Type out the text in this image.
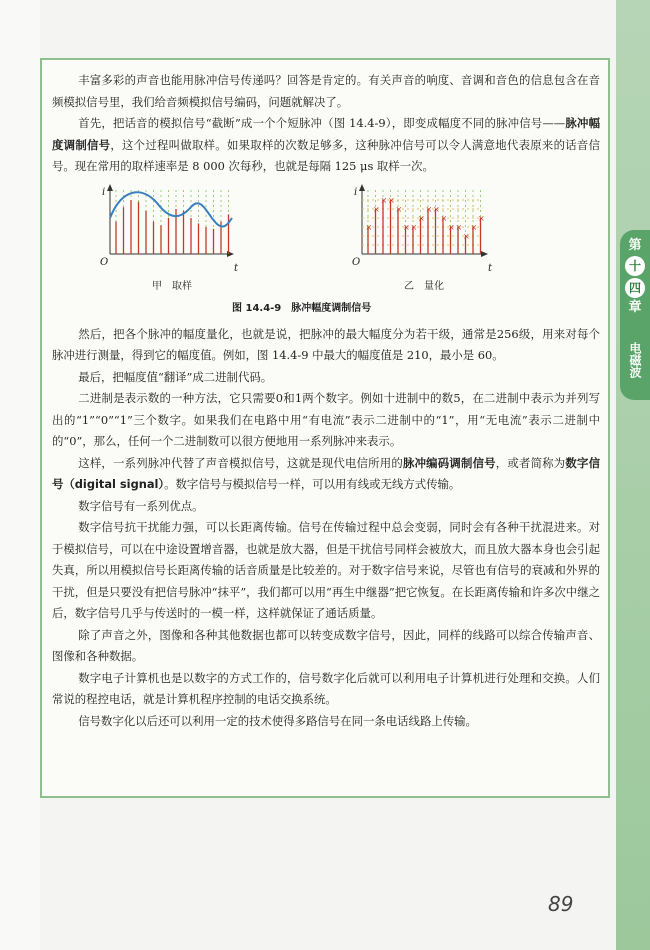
第
十
四
章
电磁波

丰富多彩的声音也能用脉冲信号传递吗？回答是肯定的。有关声音的响度、音调和音色的信息包含在音频模拟信号里，我们给音频模拟信号编码，问题就解决了。

首先，把话音的模拟信号“截断”成一个个短脉冲（图 14.4-9），即变成幅度不同的脉冲信号——脉冲幅度调制信号，这个过程叫做取样。如果取样的次数足够多，这种脉冲信号可以令人满意地代表原来的话音信号。现在常用的取样速率是 8 000 次每秒，也就是每隔 125 μs 取样一次。

×
×
× ×
×
× ×
×
× ×
×
× ×
×
×
×
i
O
t
i
O
t
甲　取样	乙　量化
图 14.4-9　脉冲幅度调制信号

然后，把各个脉冲的幅度量化，也就是说，把脉冲的最大幅度分为若干级，通常是256级，用来对每个脉冲进行测量，得到它的幅度值。例如，图 14.4-9 中最大的幅度值是 210，最小是 60。

最后，把幅度值“翻译”成二进制代码。

二进制是表示数的一种方法，它只需要0和1两个数字。例如十进制中的数5，在二进制中表示为并列写出的“1”“0”“1”三个数字。如果我们在电路中用“有电流”表示二进制中的“1”，用“无电流”表示二进制中的“0”，那么，任何一个二进制数可以很方便地用一系列脉冲来表示。

这样，一系列脉冲代替了声音模拟信号，这就是现代电信所用的脉冲编码调制信号，或者简称为数字信号（digital signal）。数字信号与模拟信号一样，可以用有线或无线方式传输。

数字信号有一系列优点。

数字信号抗干扰能力强，可以长距离传输。信号在传输过程中总会变弱，同时会有各种干扰混进来。对于模拟信号，可以在中途设置增音器，也就是放大器，但是干扰信号同样会被放大，而且放大器本身也会引起失真，所以用模拟信号长距离传输的话音质量是比较差的。对于数字信号来说，尽管也有信号的衰减和外界的干扰，但是只要没有把信号脉冲“抹平”，我们都可以用“再生中继器”把它恢复。在长距离传输和许多次中继之后，数字信号几乎与传送时的一模一样，这样就保证了通话质量。

除了声音之外，图像和各种其他数据也都可以转变成数字信号，因此，同样的线路可以综合传输声音、图像和各种数据。

数字电子计算机也是以数字的方式工作的，信号数字化后就可以利用电子计算机进行处理和交换。人们常说的程控电话，就是计算机程序控制的电话交换系统。

信号数字化以后还可以利用一定的技术使得多路信号在同一条电话线路上传输。

89
